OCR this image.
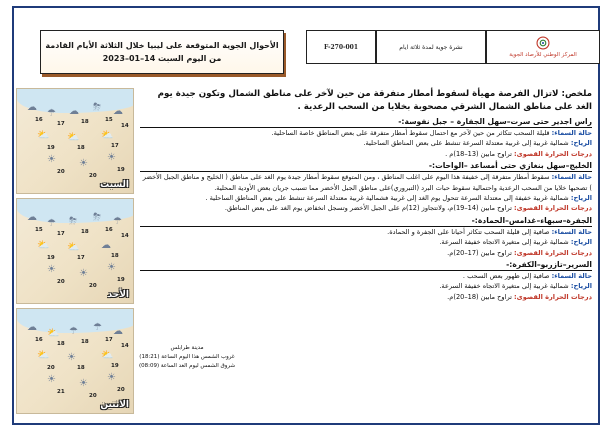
الأحوال الجوية المتوقعة على ليبيا خلال الثلاثة الأيام القادمة
من اليوم السبت 14–01–2023
F-270-001	نشرة جوية لمدة ثلاثة ايام
المركز الوطني للأرصاد الجوية
☁
☂ ☁ ⛈ ☁
⛅ ⛅ ⛅
☀ ☀
☀
16
17	18	15
14
19	18	17
20
20
19
السبت
☁
☂ ⛈ ⛈ ☂
⛅ ⛅ ☁
☀ ☀
☀
15
17	18	16
14
19	17	18
20
20
19
الأحد
☁
⛅ ☂ ☂ ☁
⛅ ☀	⛅
☀ ☀
☀
16
18	18	17
14
20	18	19
21
20
20
الاثنين
مدينة طرابلس
غروب الشمس هذا اليوم الساعة (18:21)
شروق الشمس ليوم الغد الساعة (08:09)
ملخص: لاتزال الفرصة مهيأة لسقوط أمطار متفرقة من حين لآخر على مناطق الشمال وتكون جيدة يوم الغد على مناطق الشمال الشرقي مصحوبة بخلايا من السحب الرعدية .
راس اجدير حتى سرت–سهل الجفارة – جبل نفوسة:-
حالة السماء: قليلة السحب تتكاثر من حين لآخر مع احتمال سقوط أمطار متفرقة على بعض المناطق خاصة الساحلية.
الرياح: شمالية غربية إلى غربية معتدلة السرعة تنشط على بعض المناطق الساحلية.
درجات الحرارة القصوى: تراوح مابين (13–18)م .
الخليج–سهل بنغازي حتى أمساعد –الواحات:-
حالة السماء: سقوط أمطار متفرقة إلى خفيفة هذا اليوم على اغلب المناطق ، ومن المتوقع سقوط أمطار جيدة يوم الغد على مناطق ( الخليج و مناطق الجبل الأخضر ) تصحبها خلايا من السحب الرعدية واحتمالية سقوط حبات البرد (التبروري)على مناطق الجبل الأخضر مما تسبب جريان بعض الأودية المحلية.
الرياح: شمالية غربية خفيفة إلى معتدلة السرعة تتحول يوم الغد إلى غربية فشمالية غربية معتدلة السرعة تنشط على بعض المناطق الساحلية .
درجات الحرارة القصوى: تراوح مابين (14–19)م، ولاتتجاوز (12)م على الجبل الأخضر وتسجل انخفاض يوم الغد على بعض المناطق.
الجفرة–سبهاء–غدامس–الحمادة:-
حالة السماء: صافية إلى قليلة السحب تتكاثر أحيانا على الجفرة و الحمادة.
الرياح: شمالية غربية إلى متغيرة الاتجاه خفيفة السرعة.
درجات الحرارة القصوى: تراوح مابين (17–20)م.
السرير–تازربو–الكفرة:-
حالة السماء: صافية إلى ظهور بعض السحب .
الرياح: شمالية غربية إلى متغيرة الاتجاه خفيفة السرعة.
درجات الحرارة القصوى: تراوح مابين (18–20)م.
